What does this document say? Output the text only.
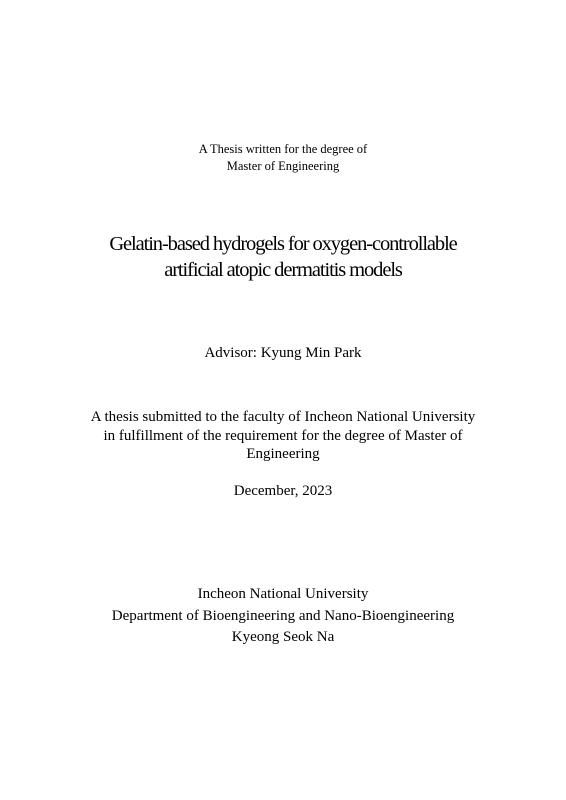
A Thesis written for the degree of
Master of Engineering
Gelatin-based hydrogels for oxygen-controllable
artificial atopic dermatitis models
Advisor: Kyung Min Park
A thesis submitted to the faculty of Incheon National University
in fulfillment of the requirement for the degree of Master of
Engineering
December, 2023
Incheon National University
Department of Bioengineering and Nano-Bioengineering
Kyeong Seok Na
